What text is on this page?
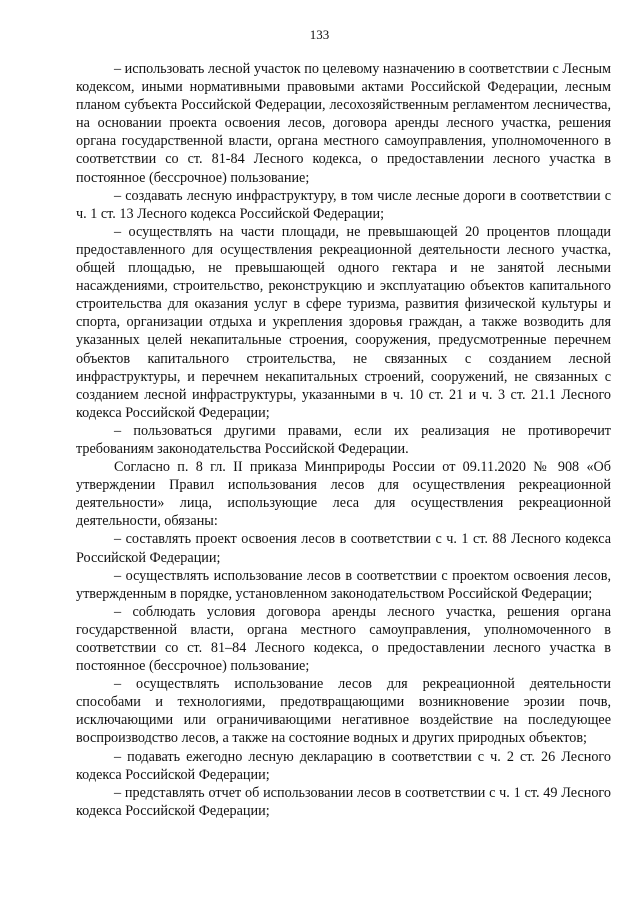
133

– использовать лесной участок по целевому назначению в соответствии с Лесным кодексом, иными нормативными правовыми актами Российской Федерации, лесным планом субъекта Российской Федерации, лесохозяйственным регламентом лесничества, на основании проекта освоения лесов, договора аренды лесного участка, решения органа государственной власти, органа местного самоуправления, уполномоченного в соответствии со ст. 81-84 Лесного кодекса, о предоставлении лесного участка в постоянное (бессрочное) пользование;

– создавать лесную инфраструктуру, в том числе лесные дороги в соответствии с ч. 1 ст. 13 Лесного кодекса Российской Федерации;

– осуществлять на части площади, не превышающей 20 процентов площади предоставленного для осуществления рекреационной деятельности лесного участка, общей площадью, не превышающей одного гектара и не занятой лесными насаждениями, строительство, реконструкцию и эксплуатацию объектов капитального строительства для оказания услуг в сфере туризма, развития физической культуры и спорта, организации отдыха и укрепления здоровья граждан, а также возводить для указанных целей некапитальные строения, сооружения, предусмотренные перечнем объектов капитального строительства, не связанных с созданием лесной инфраструктуры, и перечнем некапитальных строений, сооружений, не связанных с созданием лесной инфраструктуры, указанными в ч. 10 ст. 21 и ч. 3 ст. 21.1 Лесного кодекса Российской Федерации;

– пользоваться другими правами, если их реализация не противоречит требованиям законодательства Российской Федерации.

Согласно п. 8 гл. II приказа Минприроды России от 09.11.2020 № 908 «Об утверждении Правил использования лесов для осуществления рекреационной деятельности» лица, использующие леса для осуществления рекреационной деятельности, обязаны:

– составлять проект освоения лесов в соответствии с ч. 1 ст. 88 Лесного кодекса Российской Федерации;

– осуществлять использование лесов в соответствии с проектом освоения лесов, утвержденным в порядке, установленном законодательством Российской Федерации;

– соблюдать условия договора аренды лесного участка, решения органа государственной власти, органа местного самоуправления, уполномоченного в соответствии со ст. 81–84 Лесного кодекса, о предоставлении лесного участка в постоянное (бессрочное) пользование;

– осуществлять использование лесов для рекреационной деятельности способами и технологиями, предотвращающими возникновение эрозии почв, исключающими или ограничивающими негативное воздействие на последующее воспроизводство лесов, а также на состояние водных и других природных объектов;

– подавать ежегодно лесную декларацию в соответствии с ч. 2 ст. 26 Лесного кодекса Российской Федерации;

– представлять отчет об использовании лесов в соответствии с ч. 1 ст. 49 Лесного кодекса Российской Федерации;
